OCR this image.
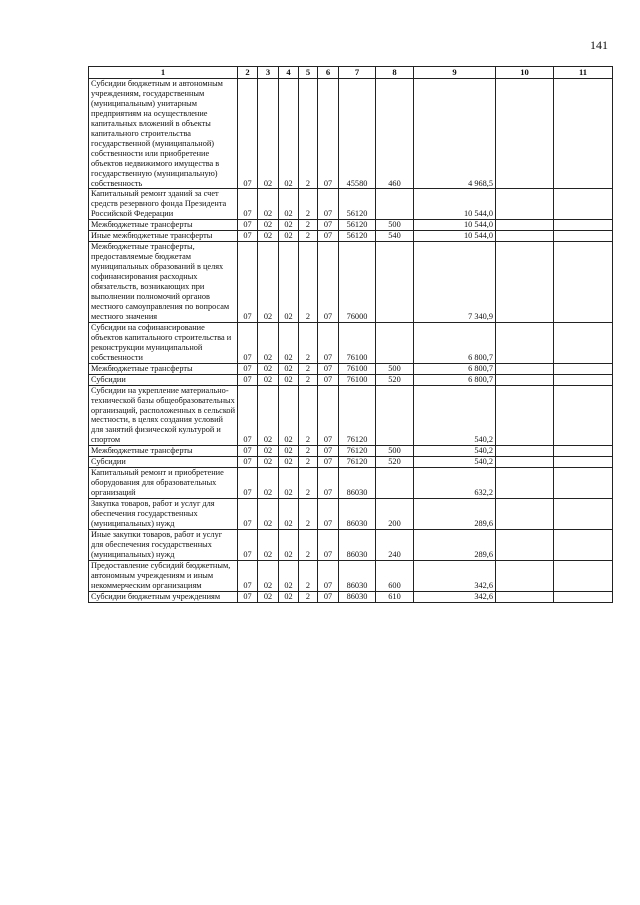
141
1	2	3	4	5	6	7	8	9	10	11
Субсидии бюджетным и автономным учреждениям, государственным (муниципальным) унитарным предприятиям на осуществление капитальных вложений в объекты капитального строительства государственной (муниципальной) собственности или приобретение объектов недвижимого имущества в государственную (муниципальную) собственность	07	02	02	2	07	45580	460	4 968,5		
Капитальный ремонт зданий за счет средств резервного фонда Президента Российской Федерации	07	02	02	2	07	56120		10 544,0		
Межбюджетные трансферты	07	02	02	2	07	56120	500	10 544,0		
Иные межбюджетные трансферты	07	02	02	2	07	56120	540	10 544,0		
Межбюджетные трансферты, предоставляемые бюджетам муниципальных образований в целях софинансирования расходных обязательств, возникающих при выполнении полномочий органов местного самоуправления по вопросам местного значения	07	02	02	2	07	76000		7 340,9		
Субсидии на софинансирование объектов капитального строительства и реконструкции муниципальной собственности	07	02	02	2	07	76100		6 800,7		
Межбюджетные трансферты	07	02	02	2	07	76100	500	6 800,7		
Субсидии	07	02	02	2	07	76100	520	6 800,7		
Субсидии на укрепление материально-технической базы общеобразовательных организаций, расположенных в сельской местности, в целях создания условий для занятий физической культурой и спортом	07	02	02	2	07	76120		540,2		
Межбюджетные трансферты	07	02	02	2	07	76120	500	540,2		
Субсидии	07	02	02	2	07	76120	520	540,2		
Капитальный ремонт и приобретение оборудования для образовательных организаций	07	02	02	2	07	86030		632,2		
Закупка товаров, работ и услуг для обеспечения государственных (муниципальных) нужд	07	02	02	2	07	86030	200	289,6		
Иные закупки товаров, работ и услуг для обеспечения государственных (муниципальных) нужд	07	02	02	2	07	86030	240	289,6		
Предоставление субсидий бюджетным, автономным учреждениям и иным некоммерческим организациям	07	02	02	2	07	86030	600	342,6		
Субсидии бюджетным учреждениям	07	02	02	2	07	86030	610	342,6		
